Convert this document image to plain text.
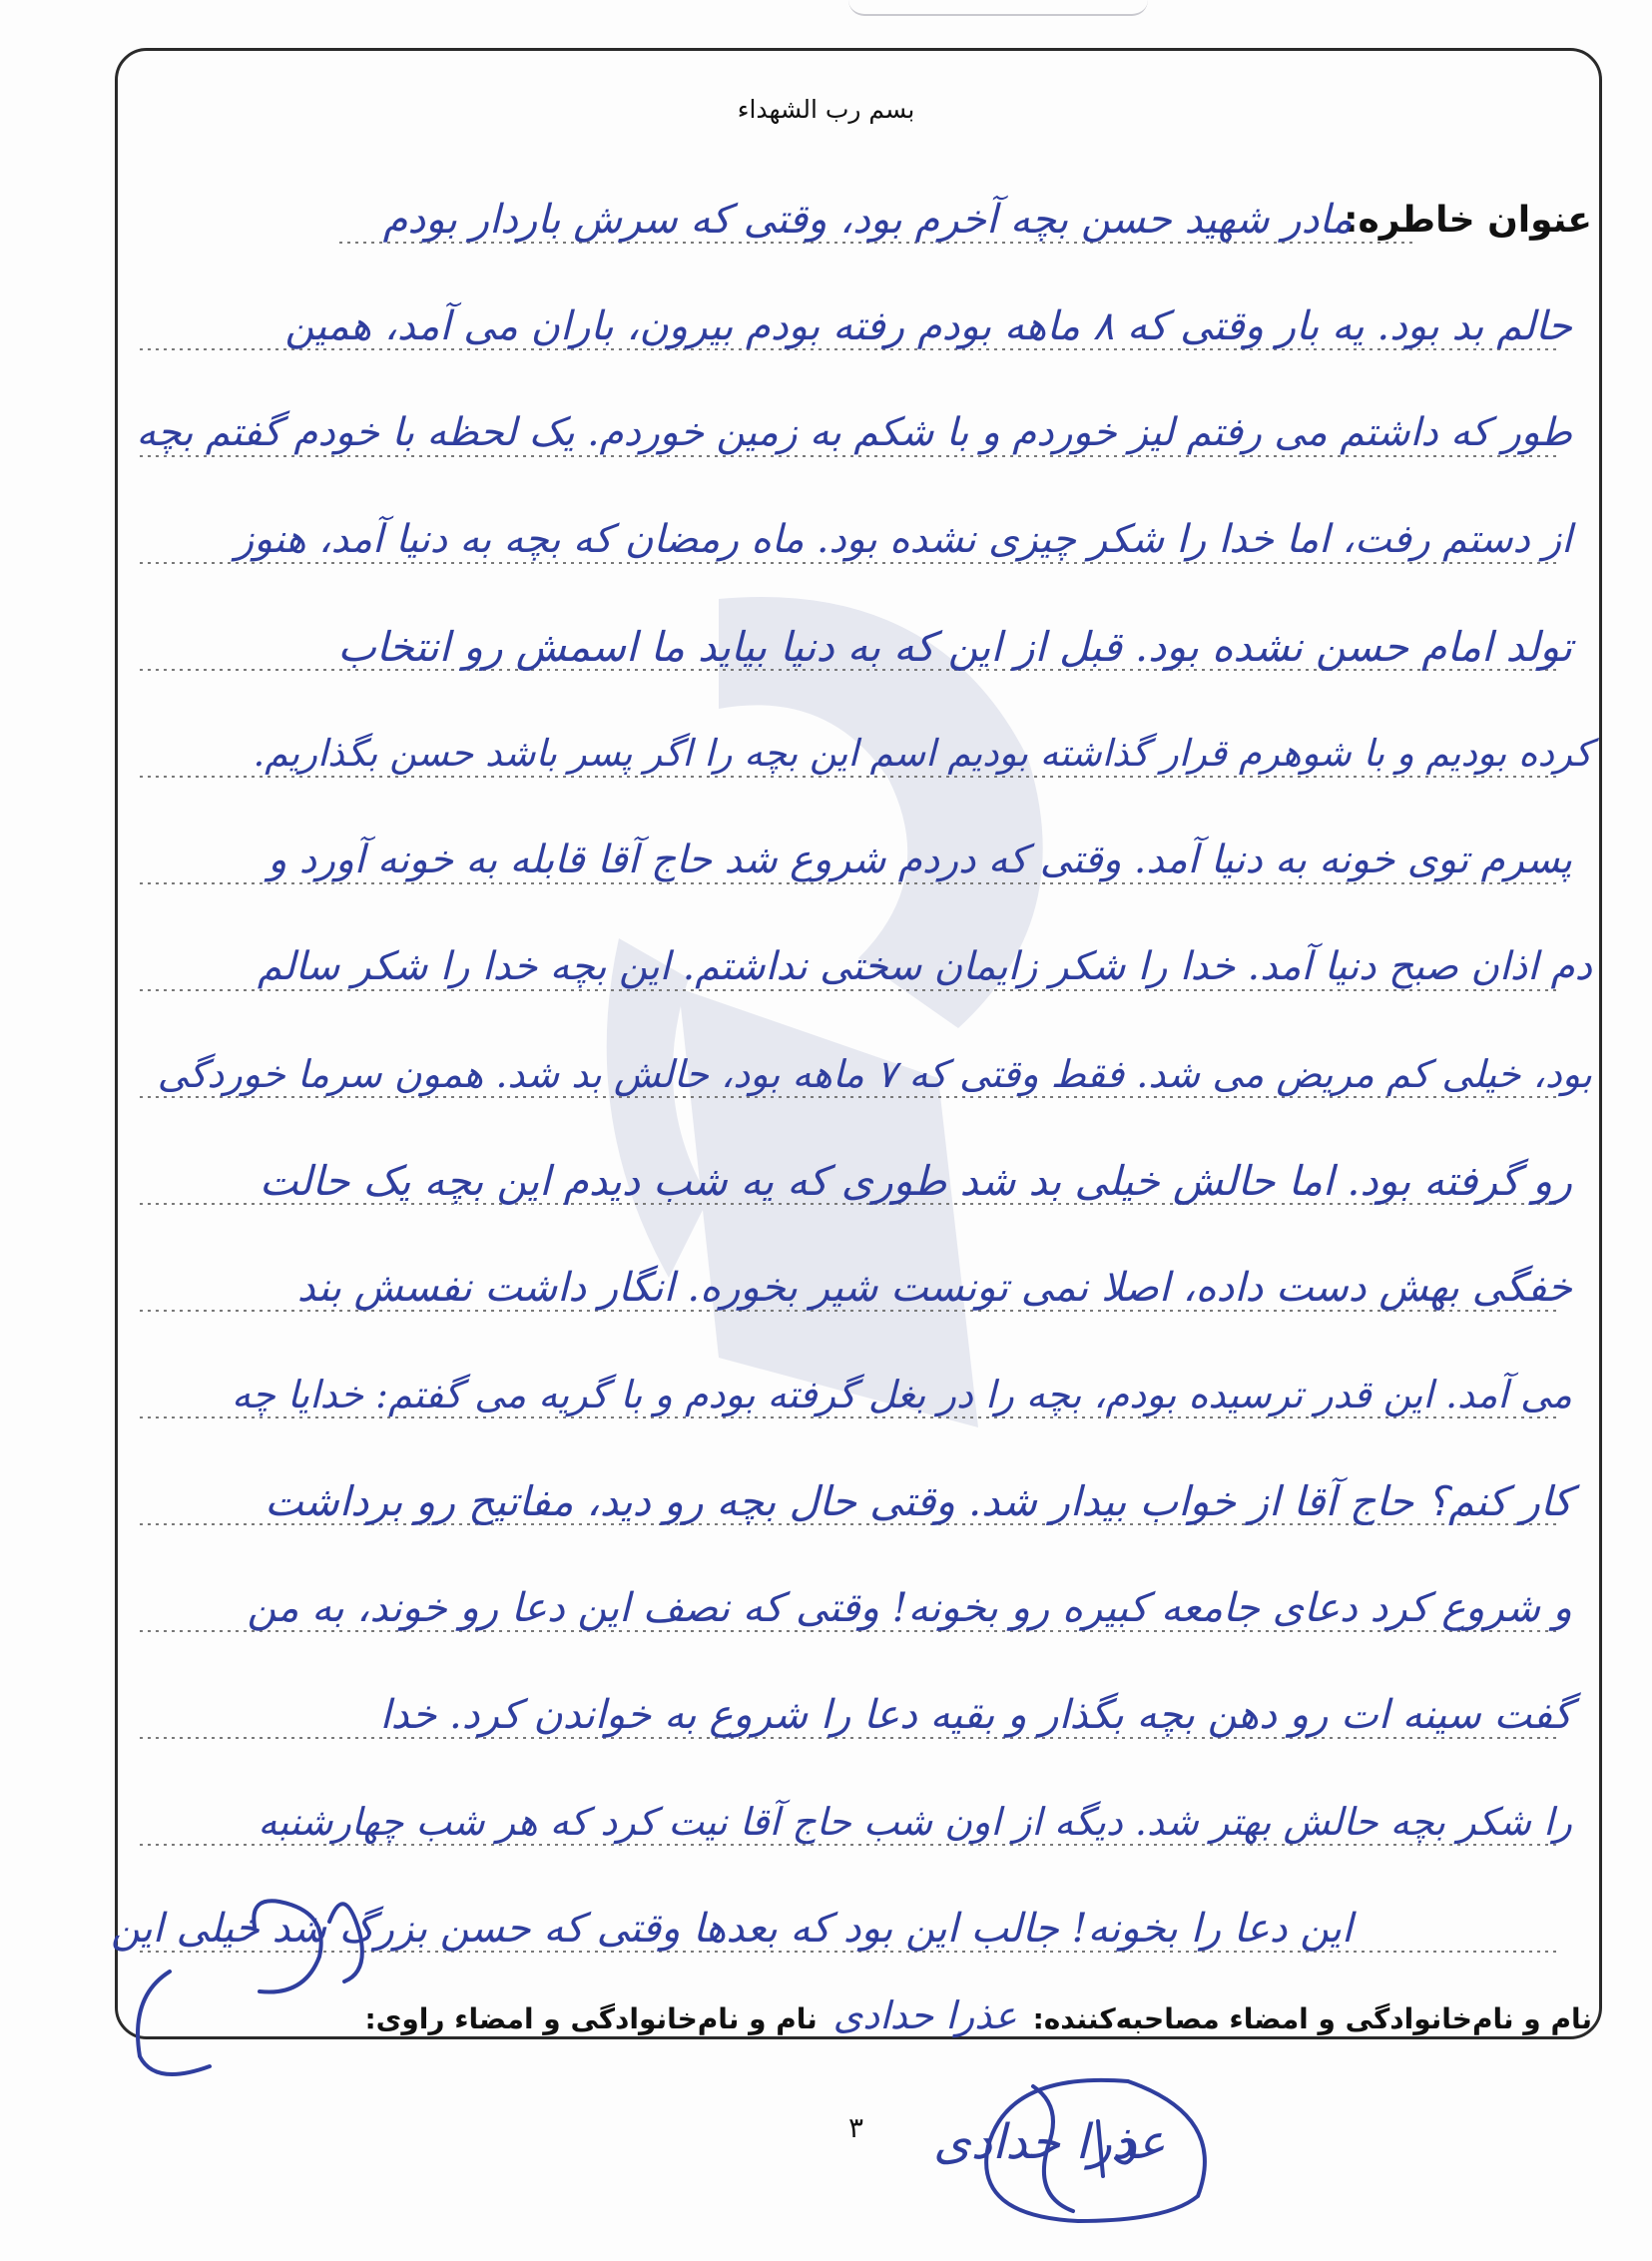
بسم رب الشهداء
عنوان خاطره:
مادر شهید حسن بچه آخرم بود، وقتی که سرش باردار بودم
حالم بد بود. یه بار وقتی که ۸ ماهه بودم رفته بودم بیرون، باران می آمد، همین
طور که داشتم می رفتم لیز خوردم و با شکم به زمین خوردم. یک لحظه با خودم گفتم بچه
از دستم رفت، اما خدا را شکر چیزی نشده بود. ماه رمضان که بچه به دنیا آمد، هنوز
تولد امام حسن نشده بود. قبل از این که به دنیا بیاید ما اسمش رو انتخاب
کرده بودیم و با شوهرم قرار گذاشته بودیم اسم این بچه را اگر پسر باشد حسن بگذاریم.
پسرم توی خونه به دنیا آمد. وقتی که دردم شروع شد حاج آقا قابله به خونه آورد و
دم اذان صبح دنیا آمد. خدا را شکر زایمان سختی نداشتم. این بچه خدا را شکر سالم
بود، خیلی کم مریض می شد. فقط وقتی که ۷ ماهه بود، حالش بد شد. همون سرما خوردگی
رو گرفته بود. اما حالش خیلی بد شد طوری که یه شب دیدم این بچه یک حالت
خفگی بهش دست داده، اصلا نمی تونست شیر بخوره. انگار داشت نفسش بند
می آمد. این قدر ترسیده بودم، بچه را در بغل گرفته بودم و با گریه می گفتم: خدایا چه
کار کنم؟ حاج آقا از خواب بیدار شد. وقتی حال بچه رو دید، مفاتیح رو برداشت
و شروع کرد دعای جامعه کبیره رو بخونه! وقتی که نصف این دعا رو خوند، به من
گفت سینه ات رو دهن بچه بگذار و بقیه دعا را شروع به خواندن کرد. خدا
را شکر بچه حالش بهتر شد. دیگه از اون شب حاج آقا نیت کرد که هر شب چهارشنبه
این دعا را بخونه! جالب این بود که بعدها وقتی که حسن بزرگ شد خیلی این
نام و نام‌خانوادگی و امضاء مصاحبه‌کننده: عذرا حدادی نام و نام‌خانوادگی و امضاء راوی:
۳ عذرا حدادی
